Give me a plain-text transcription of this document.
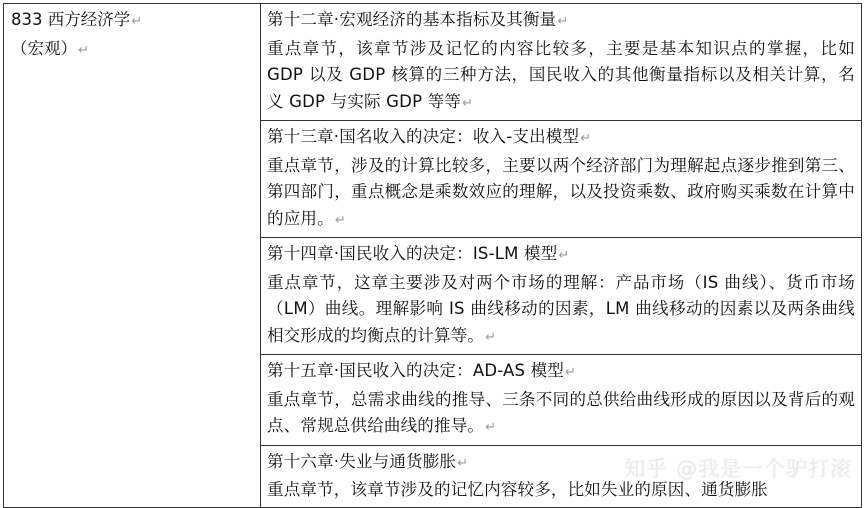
833 西方经济学↵
（宏观）↵

第十二章·宏观经济的基本指标及其衡量↵
重点章节，该章节涉及记忆的内容比较多，主要是基本知识点的掌握，比如 GDP 以及 GDP 核算的三种方法，国民收入的其他衡量指标以及相关计算，名义 GDP 与实际 GDP 等等↵

第十三章·国名收入的决定：收入-支出模型↵
重点章节，涉及的计算比较多，主要以两个经济部门为理解起点逐步推到第三、第四部门，重点概念是乘数效应的理解，以及投资乘数、政府购买乘数在计算中的应用。↵

第十四章·国民收入的决定：IS-LM 模型↵
重点章节，这章主要涉及对两个市场的理解：产品市场（IS 曲线）、货币市场（LM）曲线。理解影响 IS 曲线移动的因素，LM 曲线移动的因素以及两条曲线相交形成的均衡点的计算等。↵

第十五章·国民收入的决定：AD-AS 模型↵
重点章节，总需求曲线的推导、三条不同的总供给曲线形成的原因以及背后的观点、常规总供给曲线的推导。↵

第十六章·失业与通货膨胀↵
重点章节，该章节涉及的记忆内容较多，比如失业的原因、通货膨胀
知乎 @我是一个驴打滚
